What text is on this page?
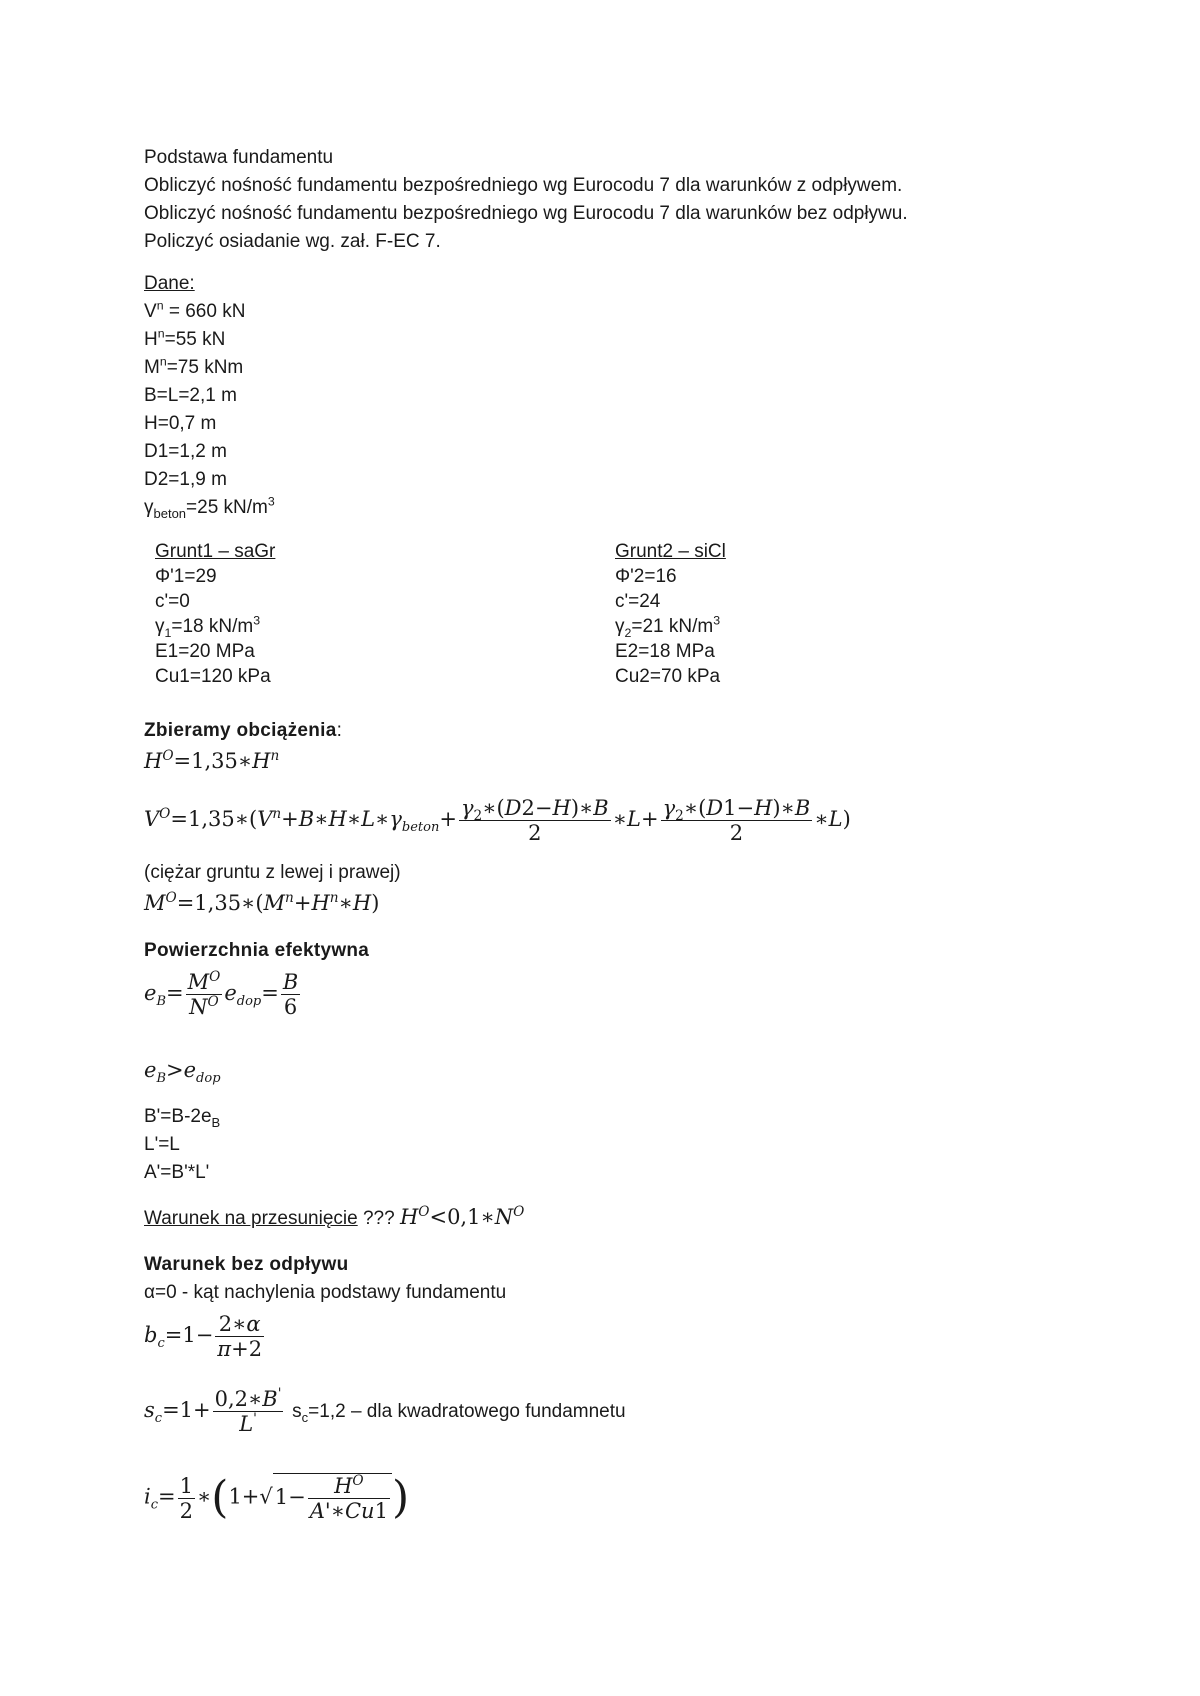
Podstawa fundamentu
Obliczyć nośność fundamentu bezpośredniego wg Eurocodu 7 dla warunków z odpływem.
Obliczyć nośność fundamentu bezpośredniego wg Eurocodu 7 dla warunków bez odpływu.
Policzyć osiadanie wg. zał. F-EC 7.
Dane:
$V^n = 660$ kN
$H^n=55$ kN
$M^n=75$ kNm
B=L=2,1 m
H=0,7 m
D1=1,2 m
D2=1,9 m
$\gamma_{beton}=25$ $kN/m^3$
Grunt1 – saGr
Φ'1=29
c'=0
$\gamma_1=18$ $kN/m^3$
E1=20 MPa
Cu1=120 kPa
Grunt2 – siCl
Φ'2=16
c'=24
$\gamma_2=21$ $kN/m^3$
E2=18 MPa
Cu2=70 kPa
Zbieramy obciążenia:
$H^O=1,35∗H^n$
$V^O=1,35∗(V^n+B∗H∗L∗\gamma_{beton}+ \frac{\gamma_2∗(D2-H)∗B}{2}$ ∗L+ $\frac{\gamma_2∗(D1-H)∗B}{2}$ ∗L)
(ciężar gruntu z lewej i prawej)
$M^O=1,35∗(M^n+H^n∗H)$
Powierzchnia efektywna
$e_B= \frac{M^O}{N^O} e_{dop}= \frac{B}{6}$
$e_B>e_{dop}$
$B'=B-2e_B$
L'=L
A'=B'*L'
Warunek na przesunięcie ??? $H^O<0,1∗N^O$
Warunek bez odpływu
α=0 - kąt nachylenia podstawy fundamentu
$b_c=1- \frac{2∗\alpha}{\pi+2}$
$s_c=1+ \frac{0,2∗B'}{L'} s_c=1,2$ – dla kwadratowego fundamnetu
$i_c= \frac{1}{2}$ ∗(1+√1− $\frac{H^O}{A'∗Cu1}$ )
